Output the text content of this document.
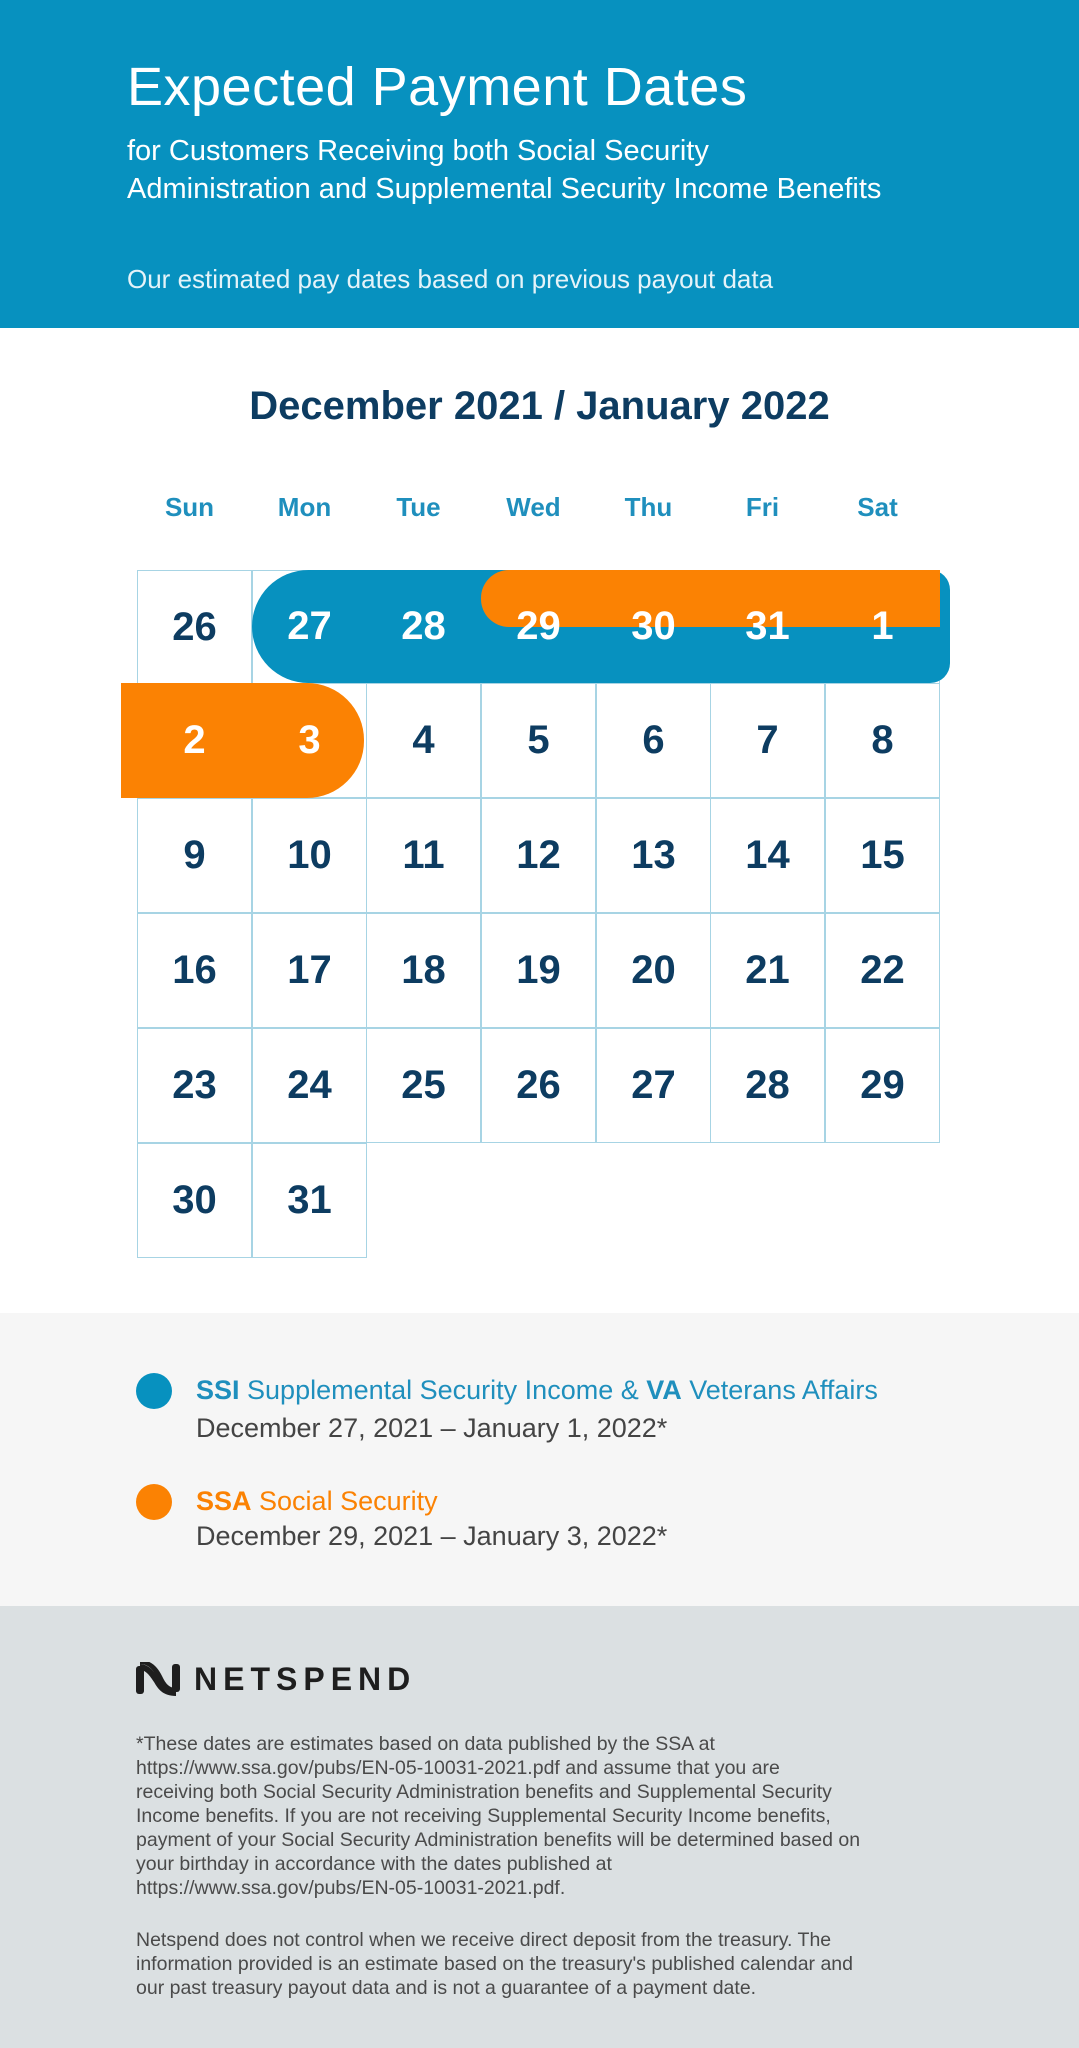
Expected Payment Dates
for Customers Receiving both Social Security
Administration and Supplemental Security Income Benefits
Our estimated pay dates based on previous payout data
December 2021 / January 2022
Sun	Mon	Tue	Wed	Thu	Fri	Sat
26	27	28	29	30	31	1
2	3	4	5	6	7	8
9	10	11	12	13	14	15
16	17	18	19	20	21	22
23	24	25	26	27	28	29
30	31
SSI Supplemental Security Income & VA Veterans Affairs
December 27, 2021 – January 1, 2022*
SSA Social Security
December 29, 2021 – January 3, 2022*
NETSPEND
*These dates are estimates based on data published by the SSA at
https://www.ssa.gov/pubs/EN-05-10031-2021.pdf and assume that you are
receiving both Social Security Administration benefits and Supplemental Security
Income benefits. If you are not receiving Supplemental Security Income benefits,
payment of your Social Security Administration benefits will be determined based on
your birthday in accordance with the dates published at
https://www.ssa.gov/pubs/EN-05-10031-2021.pdf.
Netspend does not control when we receive direct deposit from the treasury. The
information provided is an estimate based on the treasury's published calendar and
our past treasury payout data and is not a guarantee of a payment date.
